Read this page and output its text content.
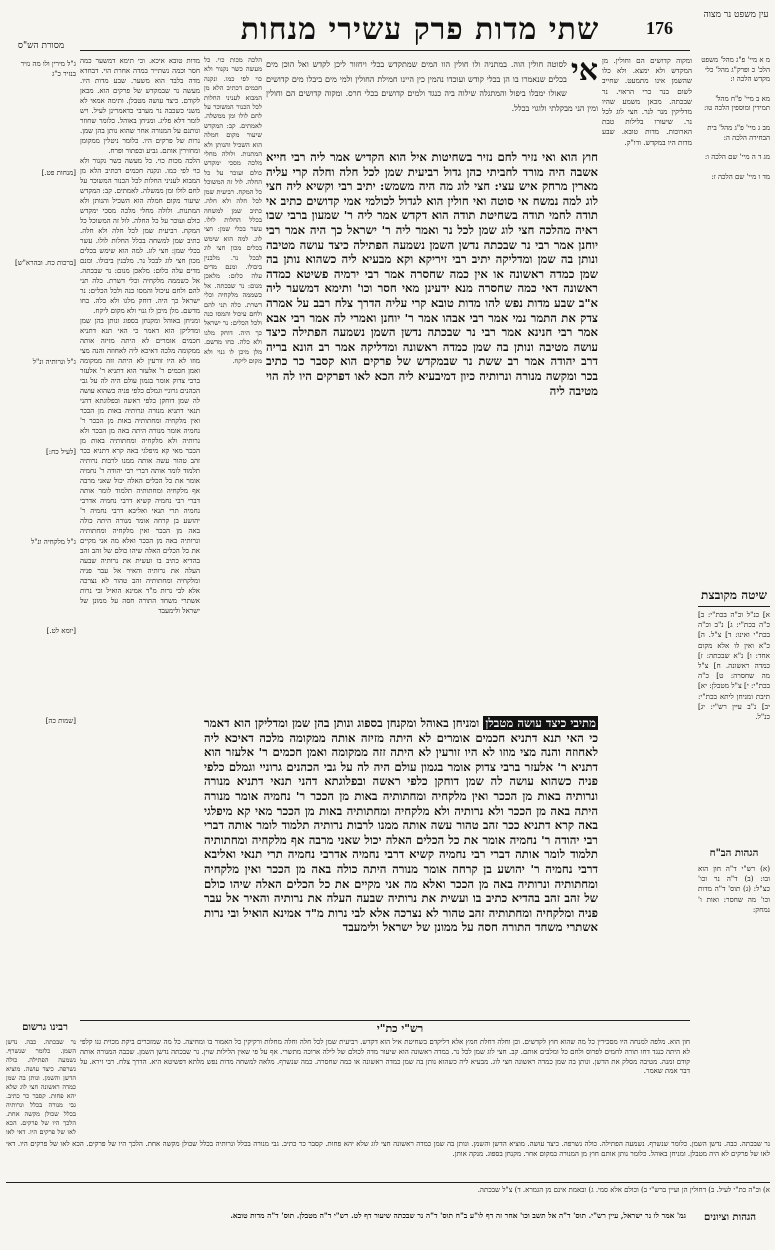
שתי מדות פרק עשירי מנחות	176
עין משפט נר מצוה
מסורת הש"ס

מ א מיי' פ"ג מהל' משפט הלכ' כ ופרק"ג מהל' כלי מקדש הלכה ו:

מא ב מיי' פ"ח מהל' תמידין ומוספין הלכה טו:

מב ג מיי' פ"ג מהל' בית הבחירה הלכה ה:

מג ד ה מיי' שם הלכה ו:

מד ו מיי' שם הלכה ז:

שיטה מקובצת

א] כנ"ל וכ"ה בכת"י: ב] כ"ה בכת"י: ג] נ"ב וכ"ה בכת"י ואינו: ד] צ"ל. ה] כ"א ואין לו אלא מקום אחד: ו] נ"א שבכתה: ז] כמדה ראשונה. ח] צ"ל מה שחסרה: ט] כ"ה בכת"י: י] צ"ל מטבלן: יא] תיבת ומניחן ליתא בכת"י: יב] נ"ב עיין רש"י: יג] כנ"ל.

הגהות הב"ח

(א) רש"י ד"ה חון הוא ובו: (ב) ד"ה נר וכו' כצ"ל: (ג) תוס' ד"ה מדות וכו' מה שחסר: ואות ו' נמחק:

ומקוה קדושים הם וחולין. מן המקדש ולא ימצא. ולא כלו שהשמן אינו מתמעט. שחייב לשום בנר כרי הראוי. נר שבכתה. מכאן משמע שהיו מדליקין מנר לנר. חצי לוג לכל נר. שיעורו בלילות טבת הארוכות. מדות טובא. שבע מדות היו במקדש. ודו"ק.

אי
לסוטה חולין הוה. במתניה ולו חולין הוו המים שמתקדש בכלי ויחזור ליכן לקדש ואל הוכן מים בכלים שנאמרו בו הן בכלי קודש ועוכדו נהמין כין היינו חמילת החולין ולמי מים ביבלו מים קדושים שאולו ימבלו ביפול והמתגלה שילוה ביה כנגד ולמים קדושים בכלי חרס. ומקוה קדושים הם וחולין ומין הני מבקלתי ולוגוי בכלל.

חוץ הוא ואי נזיר לחם נזיר בשחיטות איל הוא הקדיש אמר ליה רבי חייא אשבה היה מורד לחביתי כהן גדול רביעית שמן לכל חלה וחלה קרי עליה מארין מרחק איש עצי: חצי לוג מה היה משמש: יתיב רבי וקשיא ליה חצי לוג למה נמשח אי סוטה ואי חולין הוא לגדול לכולמי אמי קדושים כתיב אי תודה לחמי תודה בשחיטת תודה הוא דקדש אמר ליה ר' שמעון ברבי שבו ראיה מהלכה חצי לוג שמן לכל נר ואמר ליה ר' ישראל כך היה אמר רבי יוחנן אמר רבי נר שבכתה נדשן השמן נשמעה הפתילה כיצד עושה מטיבה ונותן בה שמן ומדליקה יתיב רבי זיריקא וקא מבעיא ליה כשהוא נותן בה שמן כמדה ראשונה או אין כמה שחסרה אמר רבי ירמיה פשיטא כמדה ראשונה דאי כמה שחסרה מנא ידעינן מאי חסר וכו' ותימא דמשער ליה א"ב שבע מדות נפש להו מדות טובא קרי עליה הדרך צלח רבב על אמרה צדק את התמר נמי אמר רבי אבהו אמר ר' יוחנן ואמרי לה אמר רבי אבא אמר רבי חנינא אמר רבי נר שבכתה נדשן השמן נשמעה הפתילה כיצד עושה מטיבה ונותן בה שמן כמדה ראשונה ומדליקה אמר רב הונא בריה דרב יהודה אמר רב ששת נר שבמקדש של פרקים הוא קסבר כר כתיב בכר ומקשה מנורה ונרותיה כיון דמיבעיא ליה הכא לאו דפרקים היו לה הוי מטיבה ליה

מתיבי כיצד עושה מטבלן ומניחן באוהל ומקנחן בספוג ונותן בהן שמן ומדליקן הוא דאמר כי האי תנא דתניא חכמים אומרים לא היתה מזיזה אותה ממקומה מלכה דאיכא ליה לאחוזה והנה מצי מוזו לא היו זורעין לא היתה זזה ממקומה ואמן חכמים ר' אלעזר הוא דתניא ר' אלעזר ברבי צדוק אומר בגמון עולם היה לה על גבי הכהנים גרוניי וגמלם כלפי פניה כשהוא עושה לה שמן דוחקן כלפי ראשה ובפלוגתא דהני תנאי דתניא מנורה ונרותיה באות מן הככר ואין מלקחיה ומחתותיה באות מן הככר ר' נחמיה אומר מנורה היתה באה מן הככר ולא נרותיה ולא מלקחיה ומחתותיה באות מן הככר מאי קא מיפלגי באה קרא דתניא ככר זהב טהור עשה אותה ממנו לרבות נרותיה תלמוד לומר אותה דברי רבי יהודה ר' נחמיה אומר את כל הכלים האלה יכול שאני מרבה אף מלקחיה ומחתותיה תלמוד לומר אותה דברי רבי נחמיה קשיא דרבי נחמיה אדרבי נחמיה תרי תנאי ואליבא דרבי נחמיה ר' יהושע בן קרחה אומר מנורה היתה כולה באה מן הככר ואין מלקחיה ומחתותיה ונרותיה באה מן הככר ואלא מה אני מקיים את כל הכלים האלה שיהו כולם של זהב זהב בהדיא כתיב בו ועשית את נרותיה שבעה העלה את נרותיה והאיר אל עבר פניה ומלקחיה ומחתותיה זהב טהור לא נצרכה אלא לבי נרות מ"ד אמינא הואיל ובי נרות אשתרי משחד התורה חסה על ממונן של ישראל ולימעבד

הלכה מכות כוי. כל מעשה כשר נקנור ולא כוי לפי כמו. ונקנה חכמים דכתיב הלא מן המבוא לעניני החלות לכל הכנור המשוכר על לחם לולו ומן ממשלה. לאמתים. קב: המקדש שיעור מקום חמלה הוא השכיל והנותן ולא המתנות. ולולה מחלי מלכה מסכי ימקדש כולם ועוכר על כל החלה. לול זה המשוכל כל המקח. רביעית שמן לכל חלה ולא חלה. כתיב שמן למשחה בכלל החלות לולו. עשר בכלי שמן: חצי לוג. למה הוא שימש בכלים מכון חצי לוג לבכל נר. מלבנין ביבולו. ומנם מדים עלה כלום: מלאכן מנום: נר שבכתה. אל כשממה מלקחיה וכלי דשרת. כלה תני להם ולחם עיכול והמסו כנה ולכל הכלים: נר ישראל כך היה. דוחק מלגו ולא כלה. כחו מדשם. מלן מיכן לו גנוי ולא מקום ליקח.

מדות טובא איכא. וכי תימא דמשער כמה חסר וכמה נשתייר במדה אחרת הוי. דבחדא מדה בלבד הוא משער. שבע מדות היו. מעשה נר שבמקדש של פרקים הוא. מכאן לקודם. כיצד עושה מטבלן. ותימה אמאי לא משני כשכבה נר מערבי כדאמרינן לעיל. ויש לומר דלא פליג. ומניחן באוהל. כלומר שחוזר ונותנם על המנורה אחר שהוא נותן בהן שמן. נרות של פרקים היו. כלומר ניטלין ממקומן ומחזירין אותם. גביע וכפתור ופרח.

הלכה מכות כוי. כל מעשה כשר נקנור ולא כוי לפי כמו. ונקנה חכמים דכתיב הלא מן המבוא לעניני החלות לכל הכנור המשוכר על לחם לולו ומן ממשלה. לאמתים. קב: המקדש שיעור מקום חמלה הוא השכיל והנותן ולא המתנות. ולולה מחלי מלכה מסכי ימקדש כולם ועוכר על כל החלה. לול זה המשוכל כל המקח. רביעית שמן לכל חלה ולא חלה. כתיב שמן למשחה בכלל החלות לולו. עשר בכלי שמן: חצי לוג. למה הוא שימש בכלים מכון חצי לוג לבכל נר. מלבנין ביבולו. ומנם מדים עלה כלום: מלאכן מנום: נר שבכתה. אל כשממה מלקחיה וכלי דשרת. כלה תני להם ולחם עיכול והמסו כנה ולכל הכלים: נר ישראל כך היה. דוחק מלגו ולא כלה. כחו מדשם. מלן מיכן לו גנוי ולא מקום ליקח.

ומניחן באוהל ומקנחן בספוג ונותן בהן שמן ומדליקן הוא דאמר כי האי תנא דתניא חכמים אומרים לא היתה מזיזה אותה ממקומה מלכה דאיכא ליה לאחוזה והנה מצי מוזו לא היו זורעין לא היתה זזה ממקומה ואמן חכמים ר' אלעזר הוא דתניא ר' אלעזר ברבי צדוק אומר בגמון עולם היה לה על גבי הכהנים גרוניי וגמלם כלפי פניה כשהוא עושה לה שמן דוחקן כלפי ראשה ובפלוגתא דהני תנאי דתניא מנורה ונרותיה באות מן הככר ואין מלקחיה ומחתותיה באות מן הככר ר' נחמיה אומר מנורה היתה באה מן הככר ולא נרותיה ולא מלקחיה ומחתותיה באות מן הככר מאי קא מיפלגי באה קרא דתניא ככר זהב טהור עשה אותה ממנו לרבות נרותיה תלמוד לומר אותה דברי רבי יהודה ר' נחמיה אומר את כל הכלים האלה יכול שאני מרבה אף מלקחיה ומחתותיה תלמוד לומר אותה דברי רבי נחמיה קשיא דרבי נחמיה אדרבי נחמיה תרי תנאי ואליבא דרבי נחמיה ר' יהושע בן קרחה אומר מנורה היתה כולה באה מן הככר ואין מלקחיה ומחתותיה ונרותיה באה מן הככר ואלא מה אני מקיים את כל הכלים האלה שיהו כולם של זהב זהב בהדיא כתיב בו ועשית את נרותיה שבעה העלה את נרותיה והאיר אל עבר פניה ומלקחיה ומחתותיה זהב טהור לא נצרכה אלא לבי נרות מ"ד אמינא הואיל ובי נרות אשתרי משחד התורה חסה על ממונן של ישראל ולימעבד

ג"ל מירין ולו מה נזיר בנזיר כ"ג

[מנחות פט.]

[ברכות כח. ובהרא"ש]

ג"ל ונרותיה ונ"ל

[לעיל כח:]

ג"ל מלקחיה ונ"ל

[יומא לט.]

[שמות כה]

רש"י כת"י
רבינו גרשום

חון הוא. מלפה למנחה היו מסכירין כל מה שהוא חוץ לקדשים. וכן וחלה דחלת חמץ אלא דליקדם בשחיטת איל הוא דקדש. רביעית שמן לכל חלה וחלה מחלות ורקיקין כל האמור בו ומחיצה. כל מה שמזכרים ביקת מכוית גנו קלפי לא היתה כנגד דחו תורה לחמים לפרוס ולחם כל ומלבים אותם. קב. חצי לוג שמן לכל נר. במדה ראשונה הוא שיעור מדה לכולם של לילה ארוכה מתשרי. אף על פי שאין הלילות שוין. נר שבכתה נדשן השמן. שכבה המנורה אותה קודם זמנה. מטיבה מסלק את הדשן. ונותן בה שמן כמדה ראשונה חצי לוג. מבעיא ליה כשהוא נותן בה שמן כמדה ראשונה או כמה שחסרה. כמה שנשרף. מלאה למשחה מדות נפש מלתא דפשיטא היא. הדרך צלח. רבי זירא. על דבר אמת שאמר.

נר שבכתה. כבה. נדשן השמן. כלומר שנשרף. נשמעה הפתילה. כולה נשרפה. כיצד עושה. מוציא הדשן והשמן. ונותן בה שמן כמדה ראשונה חצי לוג שלא יהא פחות. קסבר כר כתיב. גבי מנורה בכלל ונרותיה בכלל שכולן מקשה אחת. הלכך היו של פרקים. הכא לאו של פרקים היו. דאי לאו

נר שבכתה. כבה. נדשן השמן. כלומר שנשרף. נשמעה הפתילה. כולה נשרפה. כיצד עושה. מוציא הדשן והשמן. ונותן בה שמן כמדה ראשונה חצי לוג שלא יהא פחות. קסבר כר כתיב. גבי מנורה בכלל ונרותיה בכלל שכולן מקשה אחת. הלכך היו של פרקים. הכא לאו של פרקים היו. דאי לאו של פרקים לא היה מטבלן. ומניחן באוהל. כלומר נותן אותם חוץ מן המנורה במקום אחר. מקנחן בספוג. מנקה אותן.

א) וכ"ה כת"י לעיל. ב) דחולין הן ועיין ברש"י ב) וכולם אלא סמי. ג) ובאמת אינם מן הגמרא. ד) צ"ל שבכתה.

הגהות וציונים

גמ' אמר לו נר ישראל, עיין רש"י. תוס' ד"ה אל תשב וכו' אחר זה דף לו"ע ב"ח תוס' ד"ה נר שבכתה שיעור דף לט. רש"י ד"ה מטבלן. תוס' ד"ה מדות טובא.
